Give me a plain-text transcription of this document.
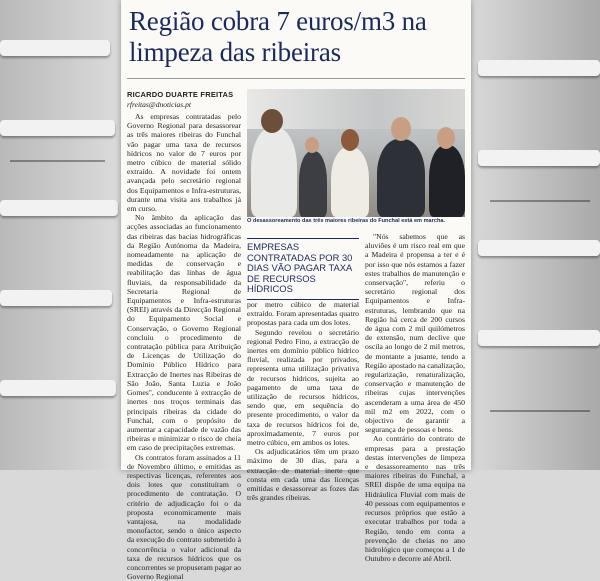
Região cobra 7 euros/m3 na limpeza das ribeiras
RICARDO DUARTE FREITAS
rfreitas@dnoticias.pt

As empresas contratadas pelo Governo Regional para desassorear as três maiores ribeiras do Funchal vão pagar uma taxa de recursos hídricos no valor de 7 euros por metro cúbico de material sólido extraído. A novidade foi ontem avançada pelo secretário regional dos Equipamentos e Infra-estruturas, durante uma visita aos trabalhos já em curso.

No âmbito da aplicação das acções associadas ao funcionamento das ribeiras das bacias hidrográficas da Região Autónoma da Madeira, nomeadamente na aplicação de medidas de conservação e reabilitação das linhas de água fluviais, da responsabilidade da Secretaria Regional de Equipamentos e Infra-estruturas (SREI) através da Direcção Regional do Equipamento Social e Conservação, o Governo Regional concluiu o procedimento de contratação pública para Atribuição de Licenças de Utilização do Domínio Público Hídrico para Extracção de Inertes nas Ribeiras de São João, Santa Luzia e João Gomes", conducente à extracção de inertes nos troços terminais das principais ribeiras da cidade do Funchal, com o propósito de aumentar a capacidade de vazão das ribeiras e minimizar o risco de cheia em caso de precipitações extremas.

Os contratos foram assinados a 11 de Novembro último, e emitidas as respectivas licenças, referentes aos dois lotes que constituíram o procedimento de contratação. O critério de adjudicação foi o da proposta economicamente mais vantajosa, na modalidade monofactor, sendo o único aspecto da execução do contrato submetido à concorrência o valor adicional da taxa de recursos hídricos que os concorrentes se propuseram pagar ao Governo Regional

O desassoreamento das três maiores ribeiras do Funchal está em marcha.
EMPRESAS CONTRATADAS POR 30 DIAS VÃO PAGAR TAXA DE RECURSOS HÍDRICOS

por metro cúbico de material extraído. Foram apresentadas quatro propostas para cada um dos lotes.

Segundo revelou o secretário regional Pedro Fino, a extracção de inertes em domínio público hídrico fluvial, realizada por privados, representa uma utilização privativa de recursos hídricos, sujeita ao pagamento de uma taxa de utilização de recursos hídricos, sendo que, em sequência do presente procedimento, o valor da taxa de recursos hídricos foi de, aproximadamente, 7 euros por metro cúbico, em ambos os lotes.

Os adjudicatários têm um prazo máximo de 30 dias, para a extracção de material inerte que consta em cada uma das licenças emitidas e desassorear as fozes das três grandes ribeiras.

"Nós sabemos que as aluviões é um risco real em que a Madeira é propensa a ter e é por isso que nós estamos a fazer estes trabalhos de manutenção e conservação", referiu o secretário regional dos Equipamentos e Infra-estruturas, lembrando que na Região há cerca de 200 cursos de água com 2 mil quilómetros de extensão, num declive que oscila ao longo de 2 mil metros, de montante a jusante, tendo a Região apostado na canalização, regularização, renaturalização, conservação e manutenção de ribeiras cujas intervenções ascenderam a uma área de 450 mil m2 em 2022, com o objectivo de garantir a segurança de pessoas e bens.

Ao contrário do contrato de empresas para a prestação destas intervenções de limpeza e desassoreamento nas três maiores ribeiras do Funchal, a SREI dispõe de uma equipa na Hidráulica Fluvial com mais de 40 pessoas com equipamentos e recursos próprios que estão a executar trabalhos por toda a Região, tendo em conta a prevenção de cheias no ano hidrológico que começou a 1 de Outubro e decorre até Abril.
